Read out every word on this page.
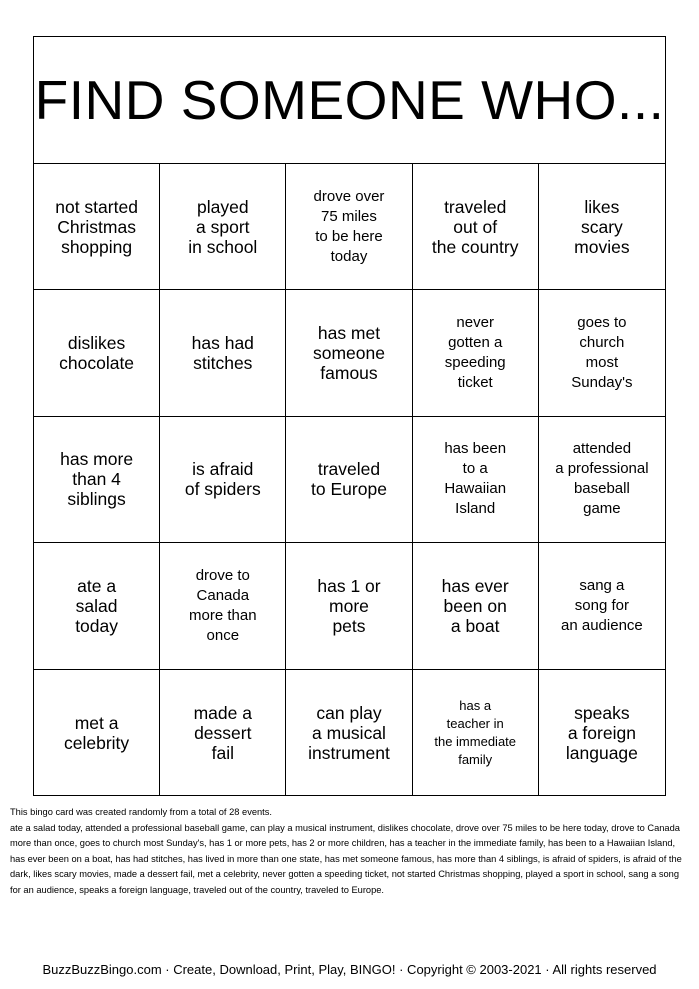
FIND SOMEONE WHO...
not started
Christmas
shopping
played
a sport
in school
drove over
75 miles
to be here
today
traveled
out of
the country
likes
scary
movies
dislikes
chocolate
has had
stitches
has met
someone
famous
never
gotten a
speeding
ticket
goes to
church
most
Sunday's
has more
than 4
siblings
is afraid
of spiders
traveled
to Europe
has been
to a
Hawaiian
Island
attended
a professional
baseball
game
ate a
salad
today
drove to
Canada
more than
once
has 1 or
more
pets
has ever
been on
a boat
sang a
song for
an audience
met a
celebrity
made a
dessert
fail
can play
a musical
instrument
has a
teacher in
the immediate
family
speaks
a foreign
language

This bingo card was created randomly from a total of 28 events.

ate a salad today, attended a professional baseball game, can play a musical instrument, dislikes chocolate, drove over 75 miles to be here today, drove to Canada more than once, goes to church most Sunday's, has 1 or more pets, has 2 or more children, has a teacher in the immediate family, has been to a Hawaiian Island, has ever been on a boat, has had stitches, has lived in more than one state, has met someone famous, has more than 4 siblings, is afraid of spiders, is afraid of the dark, likes scary movies, made a dessert fail, met a celebrity, never gotten a speeding ticket, not started Christmas shopping, played a sport in school, sang a song for an audience, speaks a foreign language, traveled out of the country, traveled to Europe.

BuzzBuzzBingo.com · Create, Download, Print, Play, BINGO! · Copyright © 2003-2021 · All rights reserved
